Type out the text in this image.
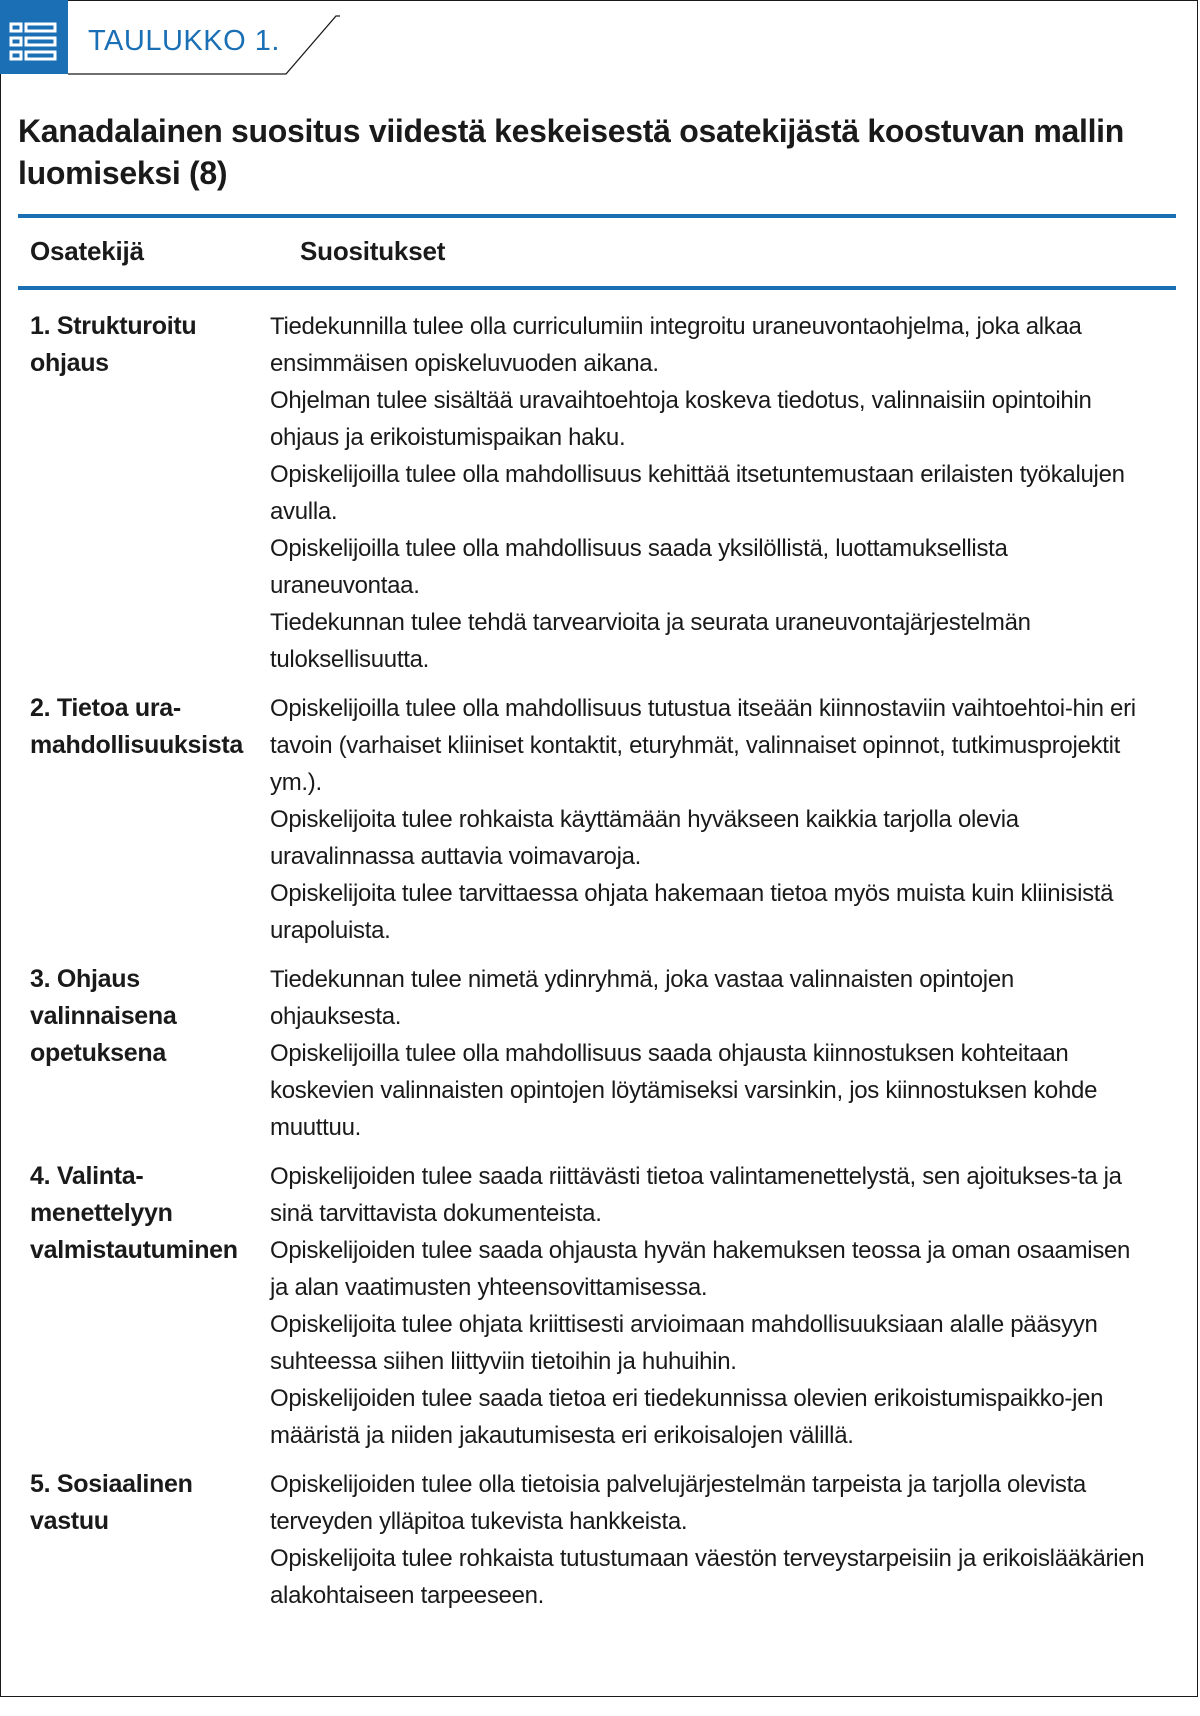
TAULUKKO 1.
Kanadalainen suositus viidestä keskeisestä osatekijästä koostuvan mallin luomiseksi (8)
Osatekijä	Suositukset
1. Strukturoitu
ohjaus
Tiedekunnilla tulee olla curriculumiin integroitu uraneuvontaohjelma, joka alkaa ensimmäisen opiskeluvuoden aikana.
Ohjelman tulee sisältää uravaihtoehtoja koskeva tiedotus, valinnaisiin opintoihin ohjaus ja erikoistumispaikan haku.
Opiskelijoilla tulee olla mahdollisuus kehittää itsetuntemustaan erilaisten työkalujen avulla.
Opiskelijoilla tulee olla mahdollisuus saada yksilöllistä, luottamuksellista uraneuvontaa.
Tiedekunnan tulee tehdä tarvearvioita ja seurata uraneuvontajärjestelmän tuloksellisuutta.
2. Tietoa ura-
mahdollisuuksista
Opiskelijoilla tulee olla mahdollisuus tutustua itseään kiinnostaviin vaihtoehtoi-hin eri tavoin (varhaiset kliiniset kontaktit, eturyhmät, valinnaiset opinnot, tutkimusprojektit ym.).
Opiskelijoita tulee rohkaista käyttämään hyväkseen kaikkia tarjolla olevia uravalinnassa auttavia voimavaroja.
Opiskelijoita tulee tarvittaessa ohjata hakemaan tietoa myös muista kuin kliinisistä urapoluista.
3. Ohjaus
valinnaisena
opetuksena
Tiedekunnan tulee nimetä ydinryhmä, joka vastaa valinnaisten opintojen ohjauksesta.
Opiskelijoilla tulee olla mahdollisuus saada ohjausta kiinnostuksen kohteitaan koskevien valinnaisten opintojen löytämiseksi varsinkin, jos kiinnostuksen kohde muuttuu.
4. Valinta-
menettelyyn
valmistautuminen
Opiskelijoiden tulee saada riittävästi tietoa valintamenettelystä, sen ajoitukses-ta ja sinä tarvittavista dokumenteista.
Opiskelijoiden tulee saada ohjausta hyvän hakemuksen teossa ja oman osaamisen ja alan vaatimusten yhteensovittamisessa.
Opiskelijoita tulee ohjata kriittisesti arvioimaan mahdollisuuksiaan alalle pääsyyn suhteessa siihen liittyviin tietoihin ja huhuihin.
Opiskelijoiden tulee saada tietoa eri tiedekunnissa olevien erikoistumispaikko-jen määristä ja niiden jakautumisesta eri erikoisalojen välillä.
5. Sosiaalinen vastuu
Opiskelijoiden tulee olla tietoisia palvelujärjestelmän tarpeista ja tarjolla olevista terveyden ylläpitoa tukevista hankkeista.
Opiskelijoita tulee rohkaista tutustumaan väestön terveystarpeisiin ja erikoislääkärien alakohtaiseen tarpeeseen.
